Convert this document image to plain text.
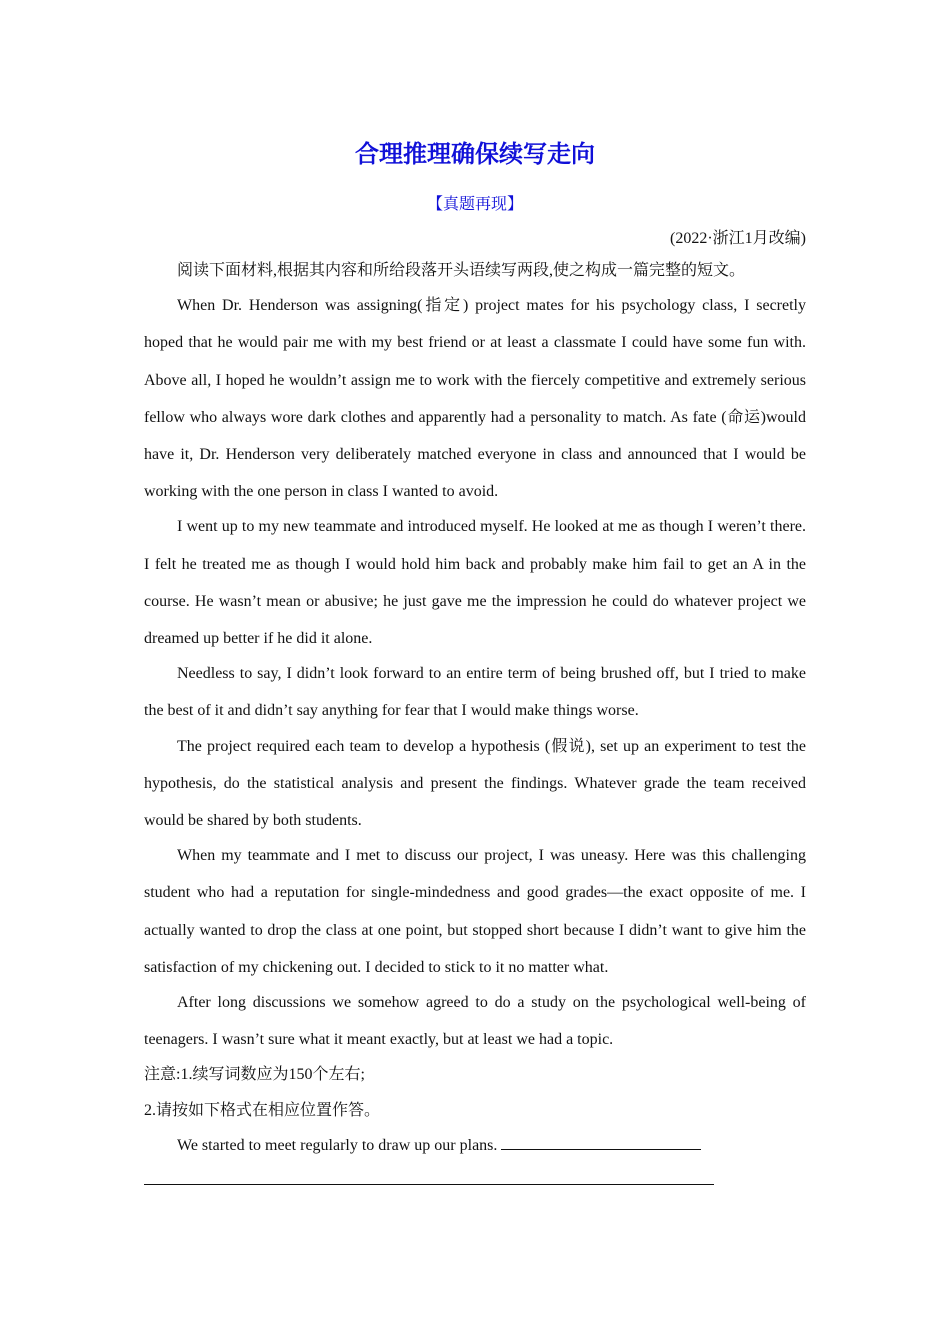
合理推理确保续写走向
【真题再现】
(2022·浙江1月改编)

阅读下面材料,根据其内容和所给段落开头语续写两段,使之构成一篇完整的短文。

When Dr. Henderson was assigning(指定) project mates for his psychology class, I secretly hoped that he would pair me with my best friend or at least a classmate I could have some fun with. Above all, I hoped he wouldn’t assign me to work with the fiercely competitive and extremely serious fellow who always wore dark clothes and apparently had a personality to match. As fate (命运)would have it, Dr. Henderson very deliberately matched everyone in class and announced that I would be working with the one person in class I wanted to avoid.

I went up to my new teammate and introduced myself. He looked at me as though I weren’t there. I felt he treated me as though I would hold him back and probably make him fail to get an A in the course. He wasn’t mean or abusive; he just gave me the impression he could do whatever project we dreamed up better if he did it alone.

Needless to say, I didn’t look forward to an entire term of being brushed off, but I tried to make the best of it and didn’t say anything for fear that I would make things worse.

The project required each team to develop a hypothesis (假说), set up an experiment to test the hypothesis, do the statistical analysis and present the findings. Whatever grade the team received would be shared by both students.

When my teammate and I met to discuss our project, I was uneasy. Here was this challenging student who had a reputation for single-mindedness and good grades—the exact opposite of me. I actually wanted to drop the class at one point, but stopped short because I didn’t want to give him the satisfaction of my chickening out. I decided to stick to it no matter what.

After long discussions we somehow agreed to do a study on the psychological well-being of teenagers. I wasn’t sure what it meant exactly, but at least we had a topic.

注意:1.续写词数应为150个左右;

2.请按如下格式在相应位置作答。

We started to meet regularly to draw up our plans.
